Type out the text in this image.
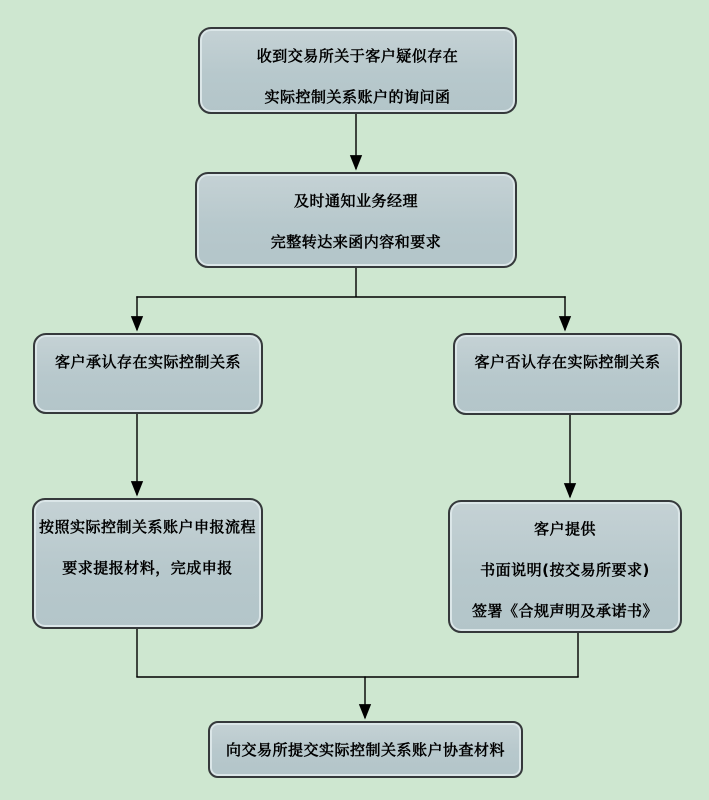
收到交易所关于客户疑似存在
实际控制关系账户的询问函
及时通知业务经理
完整转达来函内容和要求
客户承认存在实际控制关系	客户否认存在实际控制关系
按照实际控制关系账户申报流程
要求提报材料，完成申报
客户提供
书面说明(按交易所要求)
签署《合规声明及承诺书》
向交易所提交实际控制关系账户协查材料
